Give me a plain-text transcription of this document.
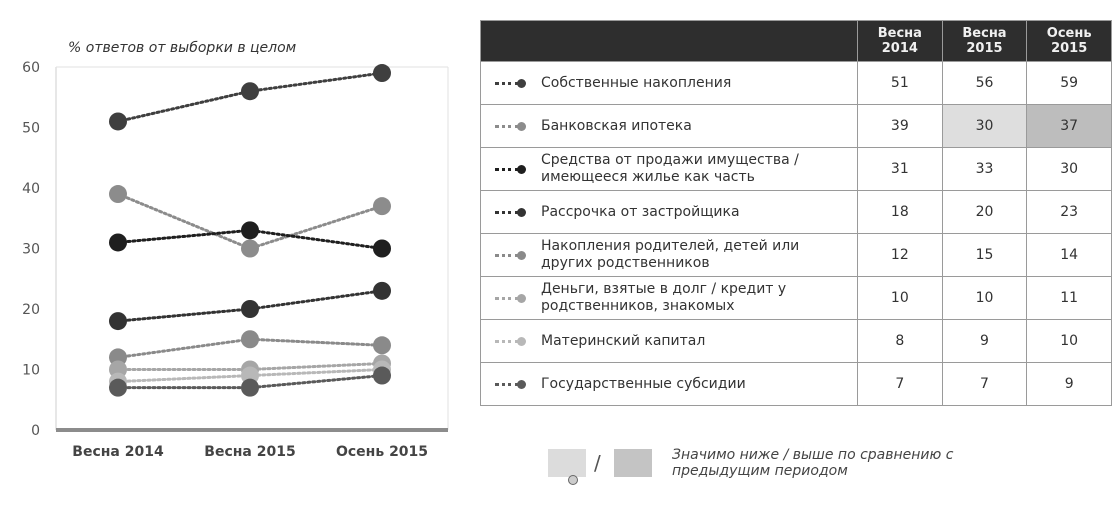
% ответов от выборки в целом
0
10
20
30
40
50
60
Весна 2014	Весна 2015	Осень 2015
	Весна 2014	Весна 2015	Осень 2015

Собственные накопления	51	56	59

Банковская ипотека	39	30	37

Средства от продажи имущества / имеющееся жилье как часть	31	33	30

Рассрочка от застройщика	18	20	23

Накопления родителей, детей или других родственников	12	15	14

Деньги, взятые в долг / кредит у родственников, знакомых	10	10	11

Материнский капитал	8	9	10

Государственные субсидии	7	7	9
/	Значимо ниже / выше по сравнению с предыдущим периодом
